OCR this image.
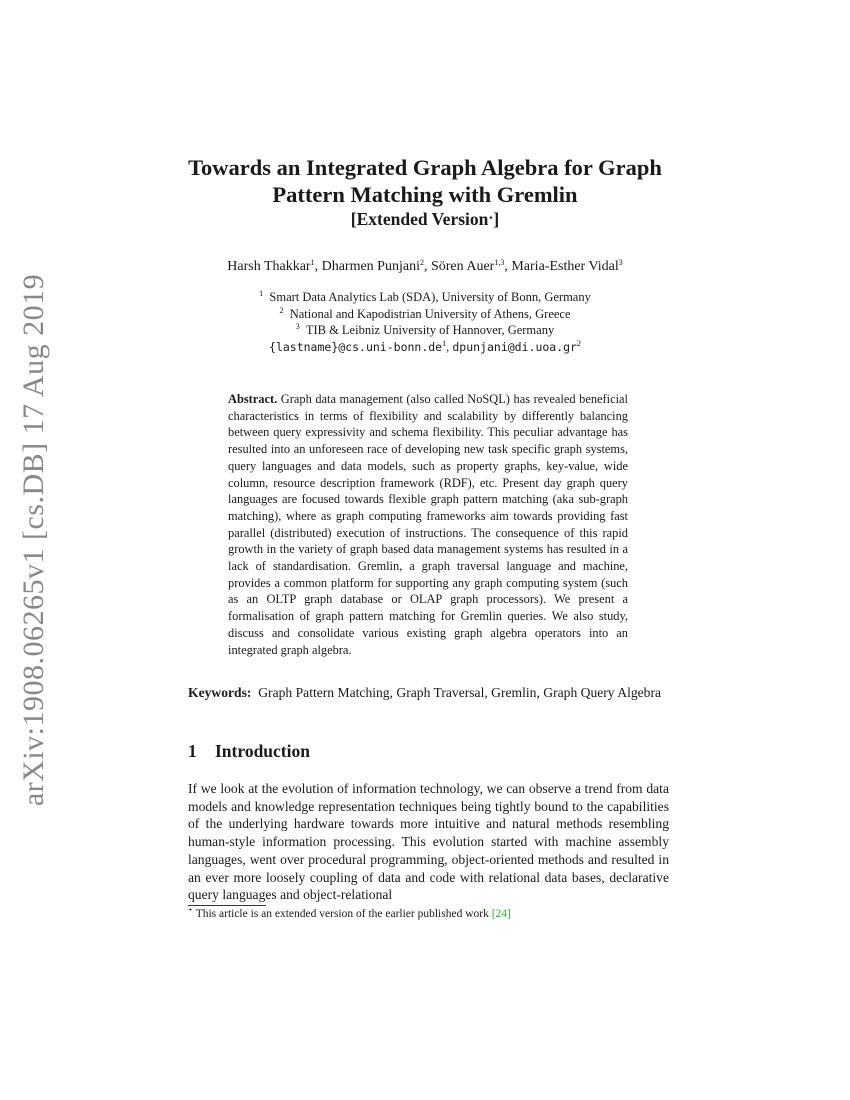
arXiv:1908.06265v1 [cs.DB] 17 Aug 2019
Towards an Integrated Graph Algebra for Graph
Pattern Matching with Gremlin
[Extended Version⋆]
Harsh Thakkar$^1$, Dharmen Punjani$^2$, Sören Auer$^{1,3}$, Maria-Esther Vidal$^3$
$^1$ Smart Data Analytics Lab (SDA), University of Bonn, Germany
$^2$ National and Kapodistrian University of Athens, Greece
$^3$ TIB & Leibniz University of Hannover, Germany
$\{lastname\}@cs.uni-bonn.de^1$, $dpunjani@di.uoa.gr^2$
Abstract. Graph data management (also called NoSQL) has revealed beneficial characteristics in terms of flexibility and scalability by differently balancing between query expressivity and schema flexibility. This peculiar advantage has resulted into an unforeseen race of developing new task specific graph systems, query languages and data models, such as property graphs, key-value, wide column, resource description framework (RDF), etc. Present day graph query languages are focused towards flexible graph pattern matching (aka sub-graph matching), where as graph computing frameworks aim towards providing fast parallel (distributed) execution of instructions. The consequence of this rapid growth in the variety of graph based data management systems has resulted in a lack of standardisation. Gremlin, a graph traversal language and machine, provides a common platform for supporting any graph computing system (such as an OLTP graph database or OLAP graph processors). We present a formalisation of graph pattern matching for Gremlin queries. We also study, discuss and consolidate various existing graph algebra operators into an integrated graph algebra.
Keywords: Graph Pattern Matching, Graph Traversal, Gremlin, Graph Query Algebra
1 Introduction
If we look at the evolution of information technology, we can observe a trend from data models and knowledge representation techniques being tightly bound to the capabilities of the underlying hardware towards more intuitive and natural methods resembling human-style information processing. This evolution started with machine assembly languages, went over procedural programming, object-oriented methods and resulted in an ever more loosely coupling of data and code with relational data bases, declarative query languages and object-relational
⋆ This article is an extended version of the earlier published work [24]
